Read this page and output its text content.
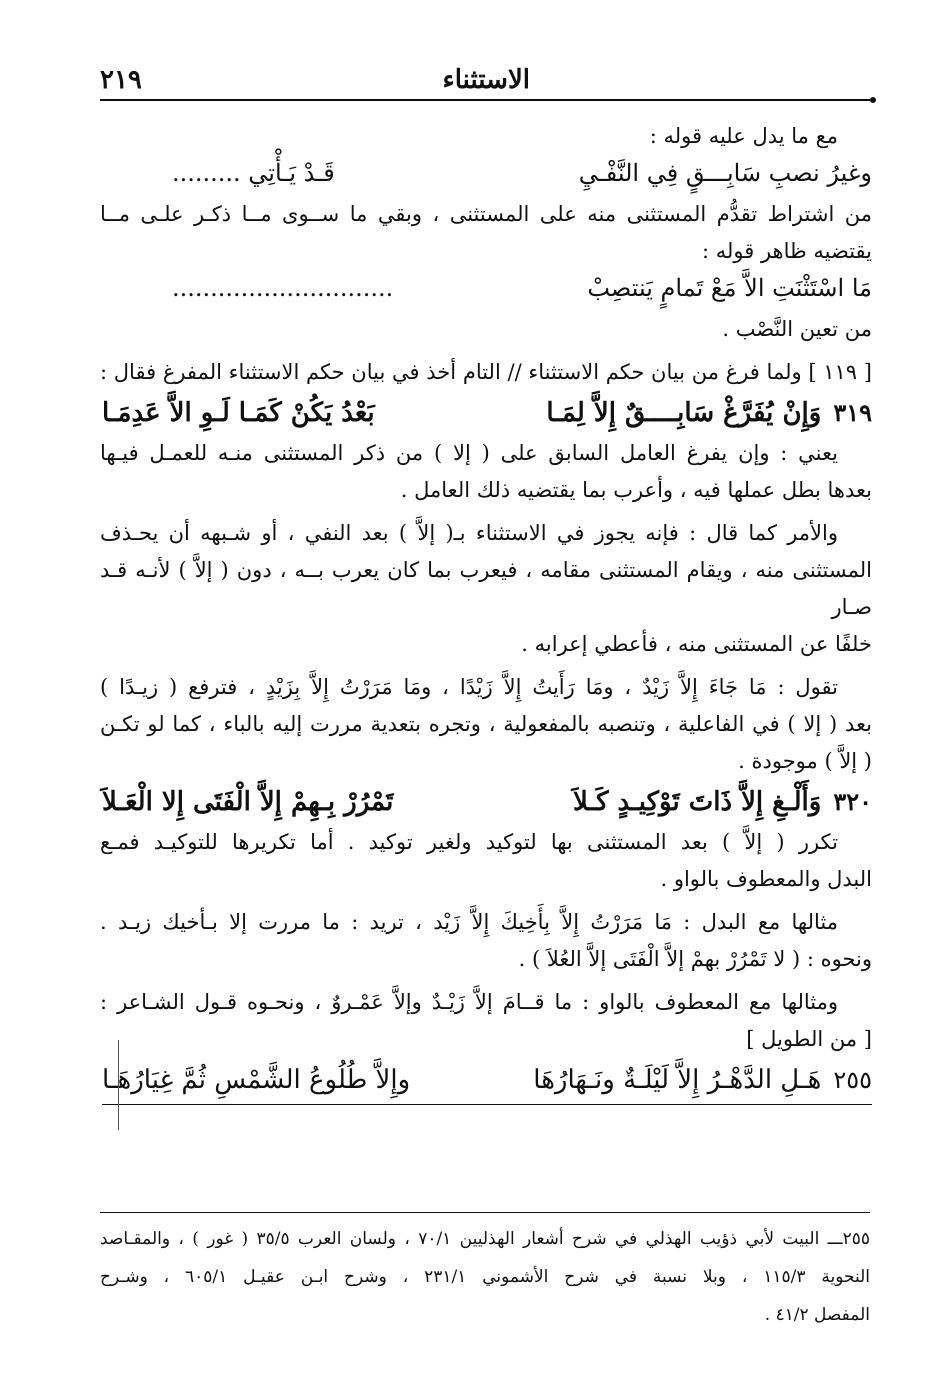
الاستثناء
٢١٩

مع ما يدل عليه قوله :

وغيرُ نصبِ سَابِـــقٍ فِي النَّفْـيِ
قَـدْ يَـأْتِي .........

من اشتراط تقدُّم المستثنى منه على المستثنى ، وبقي ما ســوى مــا ذكـر علـى مــا

يقتضيه ظاهر قوله :

مَا اسْتَثْنَتِ الاَّ مَعْ تَمامٍ يَنتصِبْ
.............................

من تعين النَّصْب .

[ ١١٩ ] ولما فرغ من بيان حكم الاستثناء // التام أخذ في بيان حكم الاستثناء المفرغ فقال :

٣١٩وَإِنْ يُفَرَّغْ سَابِــــقٌ إِلاَّ لِمَـا
بَعْدُ يَكُنْ كَمَـا لَـوِ الاَّ عَدِمَـا

يعني : وإن يفرغ العامل السابق على ( إلا ) من ذكر المستثنى منـه للعمـل فيـها

بعدها بطل عملها فيه ، وأعرب بما يقتضيه ذلك العامل .

والأمر كما قال : فإنه يجوز في الاستثناء بـ( إلاَّ ) بعد النفي ، أو شـبهه أن يحـذف

المستثنى منه ، ويقام المستثنى مقامه ، فيعرب بما كان يعرب بــه ، دون ( إلاَّ ) لأنـه قـد صـار

خلفًا عن المستثنى منه ، فأعطي إعرابه .

تقول : مَا جَاءَ إِلاَّ زَيْدٌ ، ومَا رَأَيتُ إِلاَّ زَيْدًا ، ومَا مَرَرْتُ إِلاَّ بِزَيْدٍ ، فترفع ( زيـدًا )

بعد ( إلا ) في الفاعلية ، وتنصبه بالمفعولية ، وتجره بتعدية مررت إليه بالباء ، كما لو تكـن

( إلاَّ ) موجودة .

٣٢٠وَأَلْـغِ إِلاَّ ذَاتَ تَوْكِيـدٍ كَـلاَ
تَمْرُرْ بِـهِمْ إِلاَّ الْفَتَى إِلا الْعَـلاَ

تكرر ( إلاَّ ) بعد المستثنى بها لتوكيد ولغير توكيد . أما تكريرها للتوكيـد فمـع

البدل والمعطوف بالواو .

مثالها مع البدل : مَا مَرَرْتُ إِلاَّ بِأَخِيكَ إِلاَّ زَيْد ، تريد : ما مررت إلا بـأخيك زيـد .

ونحوه : ( لا تَمْرُرْ بهمْ إلاَّ الْفَتَى إلاَّ العُلاَ ) .

ومثالها مع المعطوف بالواو : ما قــامَ إلاَّ زَيْـدٌ وإلاَّ عَمْـروٌ ، ونحـوه قـول الشـاعر :

[ من الطويل ]

٢٥٥هَـلِ الدَّهْـرُ إِلاَّ لَيْلَـةٌ ونَـهَارُهَا
وإِلاَّ طُلُوعُ الشَّمْسِ ثُمَّ غِيَارُهَـا
٢٥٥ـــ البيت لأبي ذؤيب الهذلي في شرح أشعار الهذليين ٧٠/١ ، ولسان العرب ٣٥/٥ ( غور ) ، والمقـاصد
النحوية ١١٥/٣ ، وبلا نسبة في شرح الأشموني ٢٣١/١ ، وشرح ابـن عقيـل ٦٠٥/١ ، وشـرح
المفصل ٤١/٢ .
